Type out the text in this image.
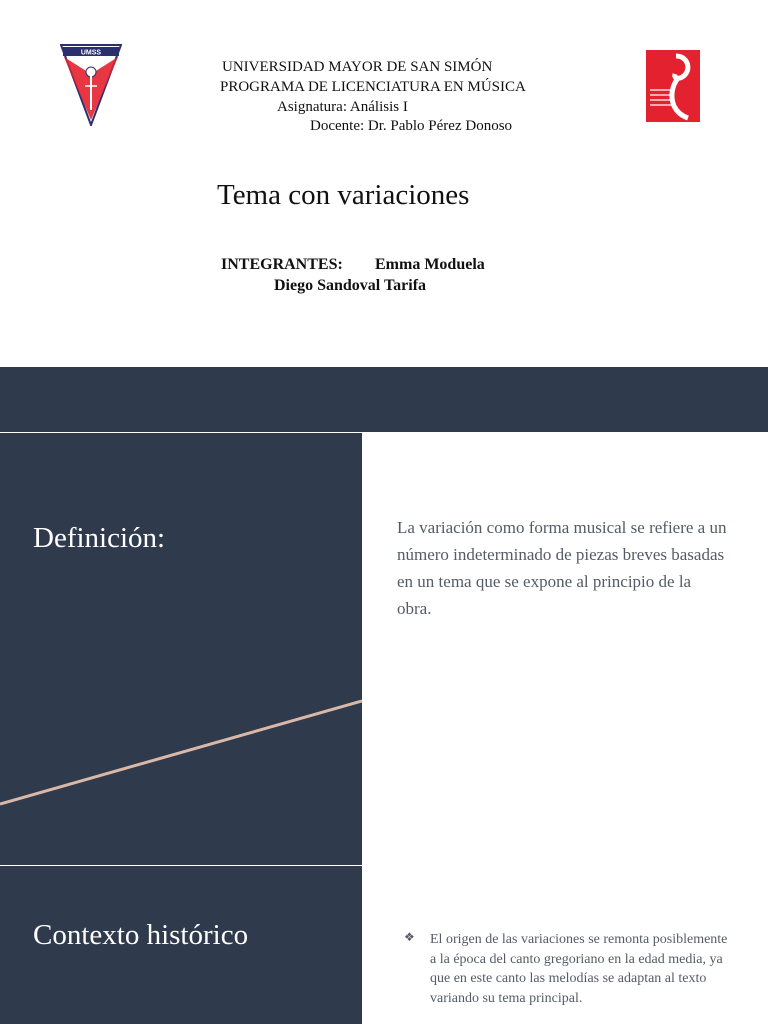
UMSS
UNIVERSIDAD MAYOR DE SAN SIMÓN
PROGRAMA DE LICENCIATURA EN MÚSICA
Asignatura: Análisis I
Docente: Dr. Pablo Pérez Donoso
Tema con variaciones
INTEGRANTES: Emma Moduela
Diego Sandoval Tarifa
Definición:	La variación como forma musical se refiere a un número indeterminado de piezas breves basadas en un tema que se expone al principio de la obra.
Contexto histórico	❖ El origen de las variaciones se remonta posiblemente a la época del canto gregoriano en la edad media, ya que en este canto las melodías se adaptan al texto variando su tema principal.
